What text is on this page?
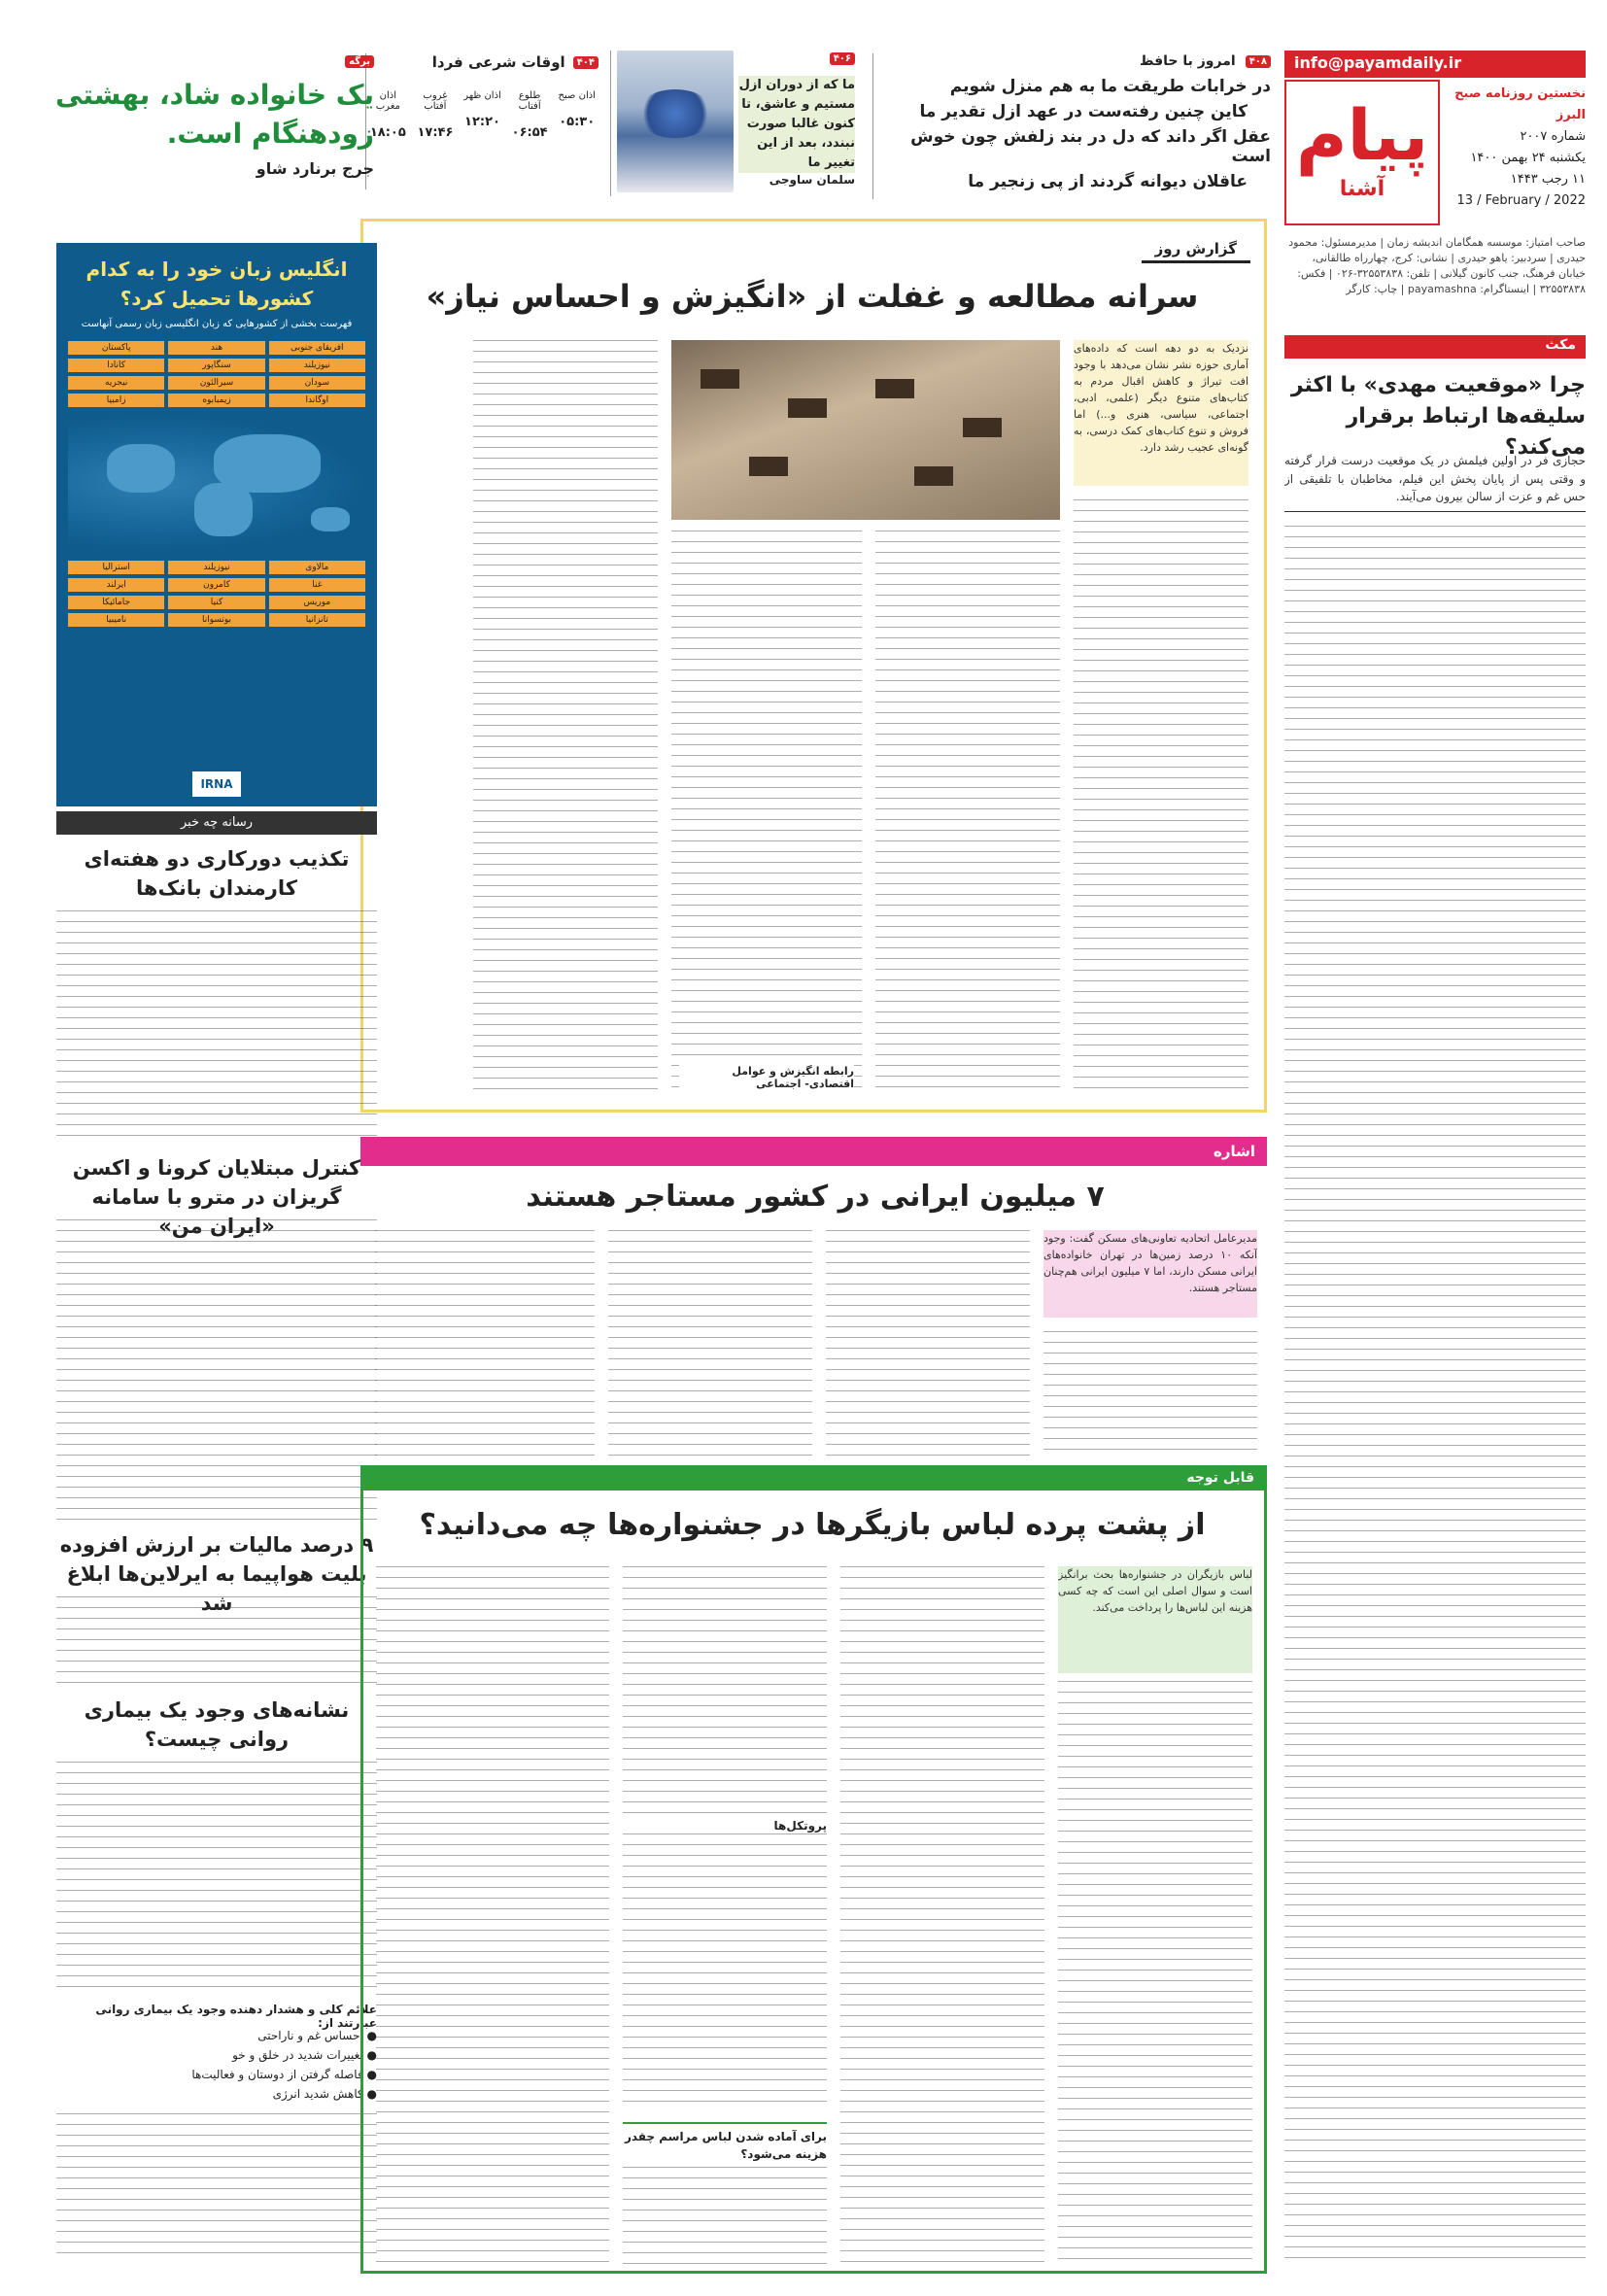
info@payamdaily.ir
پیام
آشنا
نخستین روزنامه صبح البرز
شماره ۲۰۰۷
یکشنبه ۲۴ بهمن ۱۴۰۰
۱۱ رجب ۱۴۴۳
13 / February / 2022
صاحب امتیاز: موسسه همگامان اندیشه زمان | مدیرمسئول: محمود حیدری | سردبیر: یاهو حیدری | نشانی: کرج، چهارراه طالقانی، خیابان فرهنگ، جنب کانون گیلانی | تلفن: ۳۲۵۵۳۸۳۸-۰۲۶ | فکس: ۳۲۵۵۳۸۳۸ | اینستاگرام: payamashna | چاپ: کارگر
۴۰۸
امروز با حافظ
در خرابات طریقت ما به هم منزل شویم
کاین چنین رفته‌ست در عهد ازل تقدیر ما
عقل اگر داند که دل در بند زلفش چون خوش است
عاقلان دیوانه گردند از پی زنجیر ما
۴۰۶
ما که از دوران ازل مستیم و عاشق، تا کنون غالبا صورت نبندد، بعد از این تغییر ما
سلمان ساوجی
۴۰۴
اوقات شرعی فردا
اذان صبح
۰۵:۳۰
طلوع آفتاب
۰۶:۵۴
اذان ظهر
۱۲:۲۰
غروب آفتاب
۱۷:۴۶
اذان مغرب
۱۸:۰۵
برگه
یک خانواده شاد، بهشتی زودهنگام است.
جرج برنارد شاو
مکث
چرا «موقعیت مهدی» با اکثر سلیقه‌ها ارتباط برقرار می‌کند؟
حجازی فر در اولین فیلمش در یک موقعیت درست قرار گرفته و وقتی پس از پایان پخش این فیلم، مخاطبان با تلفیقی از حس غم و عزت از سالن بیرون می‌آیند.
گزارش روز
سرانه مطالعه و غفلت از «انگیزش و احساس نیاز»
نزدیک به دو دهه است که داده‌های آماری حوزه نشر نشان می‌دهد با وجود افت تیراژ و کاهش اقبال مردم به کتاب‌های متنوع دیگر (علمی، ادبی، اجتماعی، سیاسی، هنری و...) اما فروش و تنوع کتاب‌های کمک درسی، به گونه‌ای عجیب رشد دارد.
رابطه انگیزش و عوامل اقتصادی- اجتماعی
انگلیس زبان خود را به کدام کشورها تحمیل کرد؟
فهرست بخشی از کشورهایی که زبان انگلیسی زبان رسمی آنهاست
افریقای جنوبی
هند
پاکستان
نیوزیلند
سنگاپور
کانادا
سودان
سیرالئون
نیجریه
اوگاندا
زیمبابوه
زامبیا
مالاوی
نیوزیلند
استرالیا
غنا
کامرون
ایرلند
موریس
کنیا
جامائیکا
تانزانیا
بوتسوانا
ناميبيا
IRNA
رسانه چه خبر
تکذیب دورکاری دو هفته‌ای کارمندان بانک‌ها
کنترل مبتلایان کرونا و اکسن گریزان در مترو با سامانه «ایران من»
۹ درصد مالیات بر ارزش افزوده بلیت هواپیما به ایرلاین‌ها ابلاغ شد
نشانه‌های وجود یک بیماری روانی چیست؟
علائم کلی و هشدار دهنده وجود یک بیماری روانی عبارتند از:
● احساس غم و ناراحتی
● تغییرات شدید در خلق و خو
● فاصله گرفتن از دوستان و فعالیت‌ها
● کاهش شدید انرژی
اشاره
۷ میلیون ایرانی در کشور مستاجر هستند
مدیرعامل اتحادیه تعاونی‌های مسکن گفت: وجود آنکه ۱۰ درصد زمین‌ها در تهران خانواده‌های ایرانی مسکن دارند، اما ۷ میلیون ایرانی هم‌چنان مستاجر هستند.
قابل توجه
از پشت پرده لباس بازیگرها در جشنواره‌ها چه می‌دانید؟
لباس بازیگران در جشنواره‌ها بحث برانگیز است و سوال اصلی این است که چه کسی هزینه این لباس‌ها را پرداخت می‌کند.
پروتکل‌ها
برای آماده شدن لباس مراسم چقدر هزینه می‌شود؟
